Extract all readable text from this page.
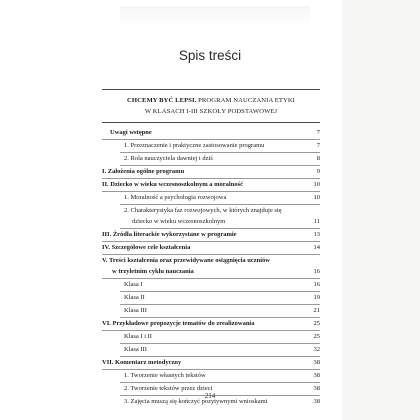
Spis treści
CHCEMY BYĆ LEPSI. PROGRAM NAUCZANIA ETYKI
W KLASACH I-III SZKOŁY PODSTAWOWEJ
Uwagi wstępne	7
1. Przeznaczenie i praktyczne zastosowanie programu	7
2. Rola nauczyciela dawniej i dziś	8
I. Założenia ogólne programu	9
II. Dziecko w wieku wczesnoszkolnym a moralność	10
1. Moralność a psychologia rozwojowa	10
2. Charakterystyka faz rozwojowych, w których znajduje się
dziecko w wieku wczesnoszkolnym	11
III. Źródła literackie wykorzystane w programie	13
IV. Szczegółowe cele kształcenia	14
V. Treści kształcenia oraz przewidywane osiągnięcia uczniów
w trzyletnim cyklu nauczania	16
Klasa I	16
Klasa II	19
Klasa III	21
VI. Przykładowe propozycje tematów do zrealizowania	25
Klasa I i II	25
Klasa III	32
VII. Komentarz metodyczny	38
1. Tworzenie własnych tekstów	38
2. Tworzenie tekstów przez dzieci	38
3. Zajęcia muszą się kończyć pozytywnymi wnioskami	38
214
